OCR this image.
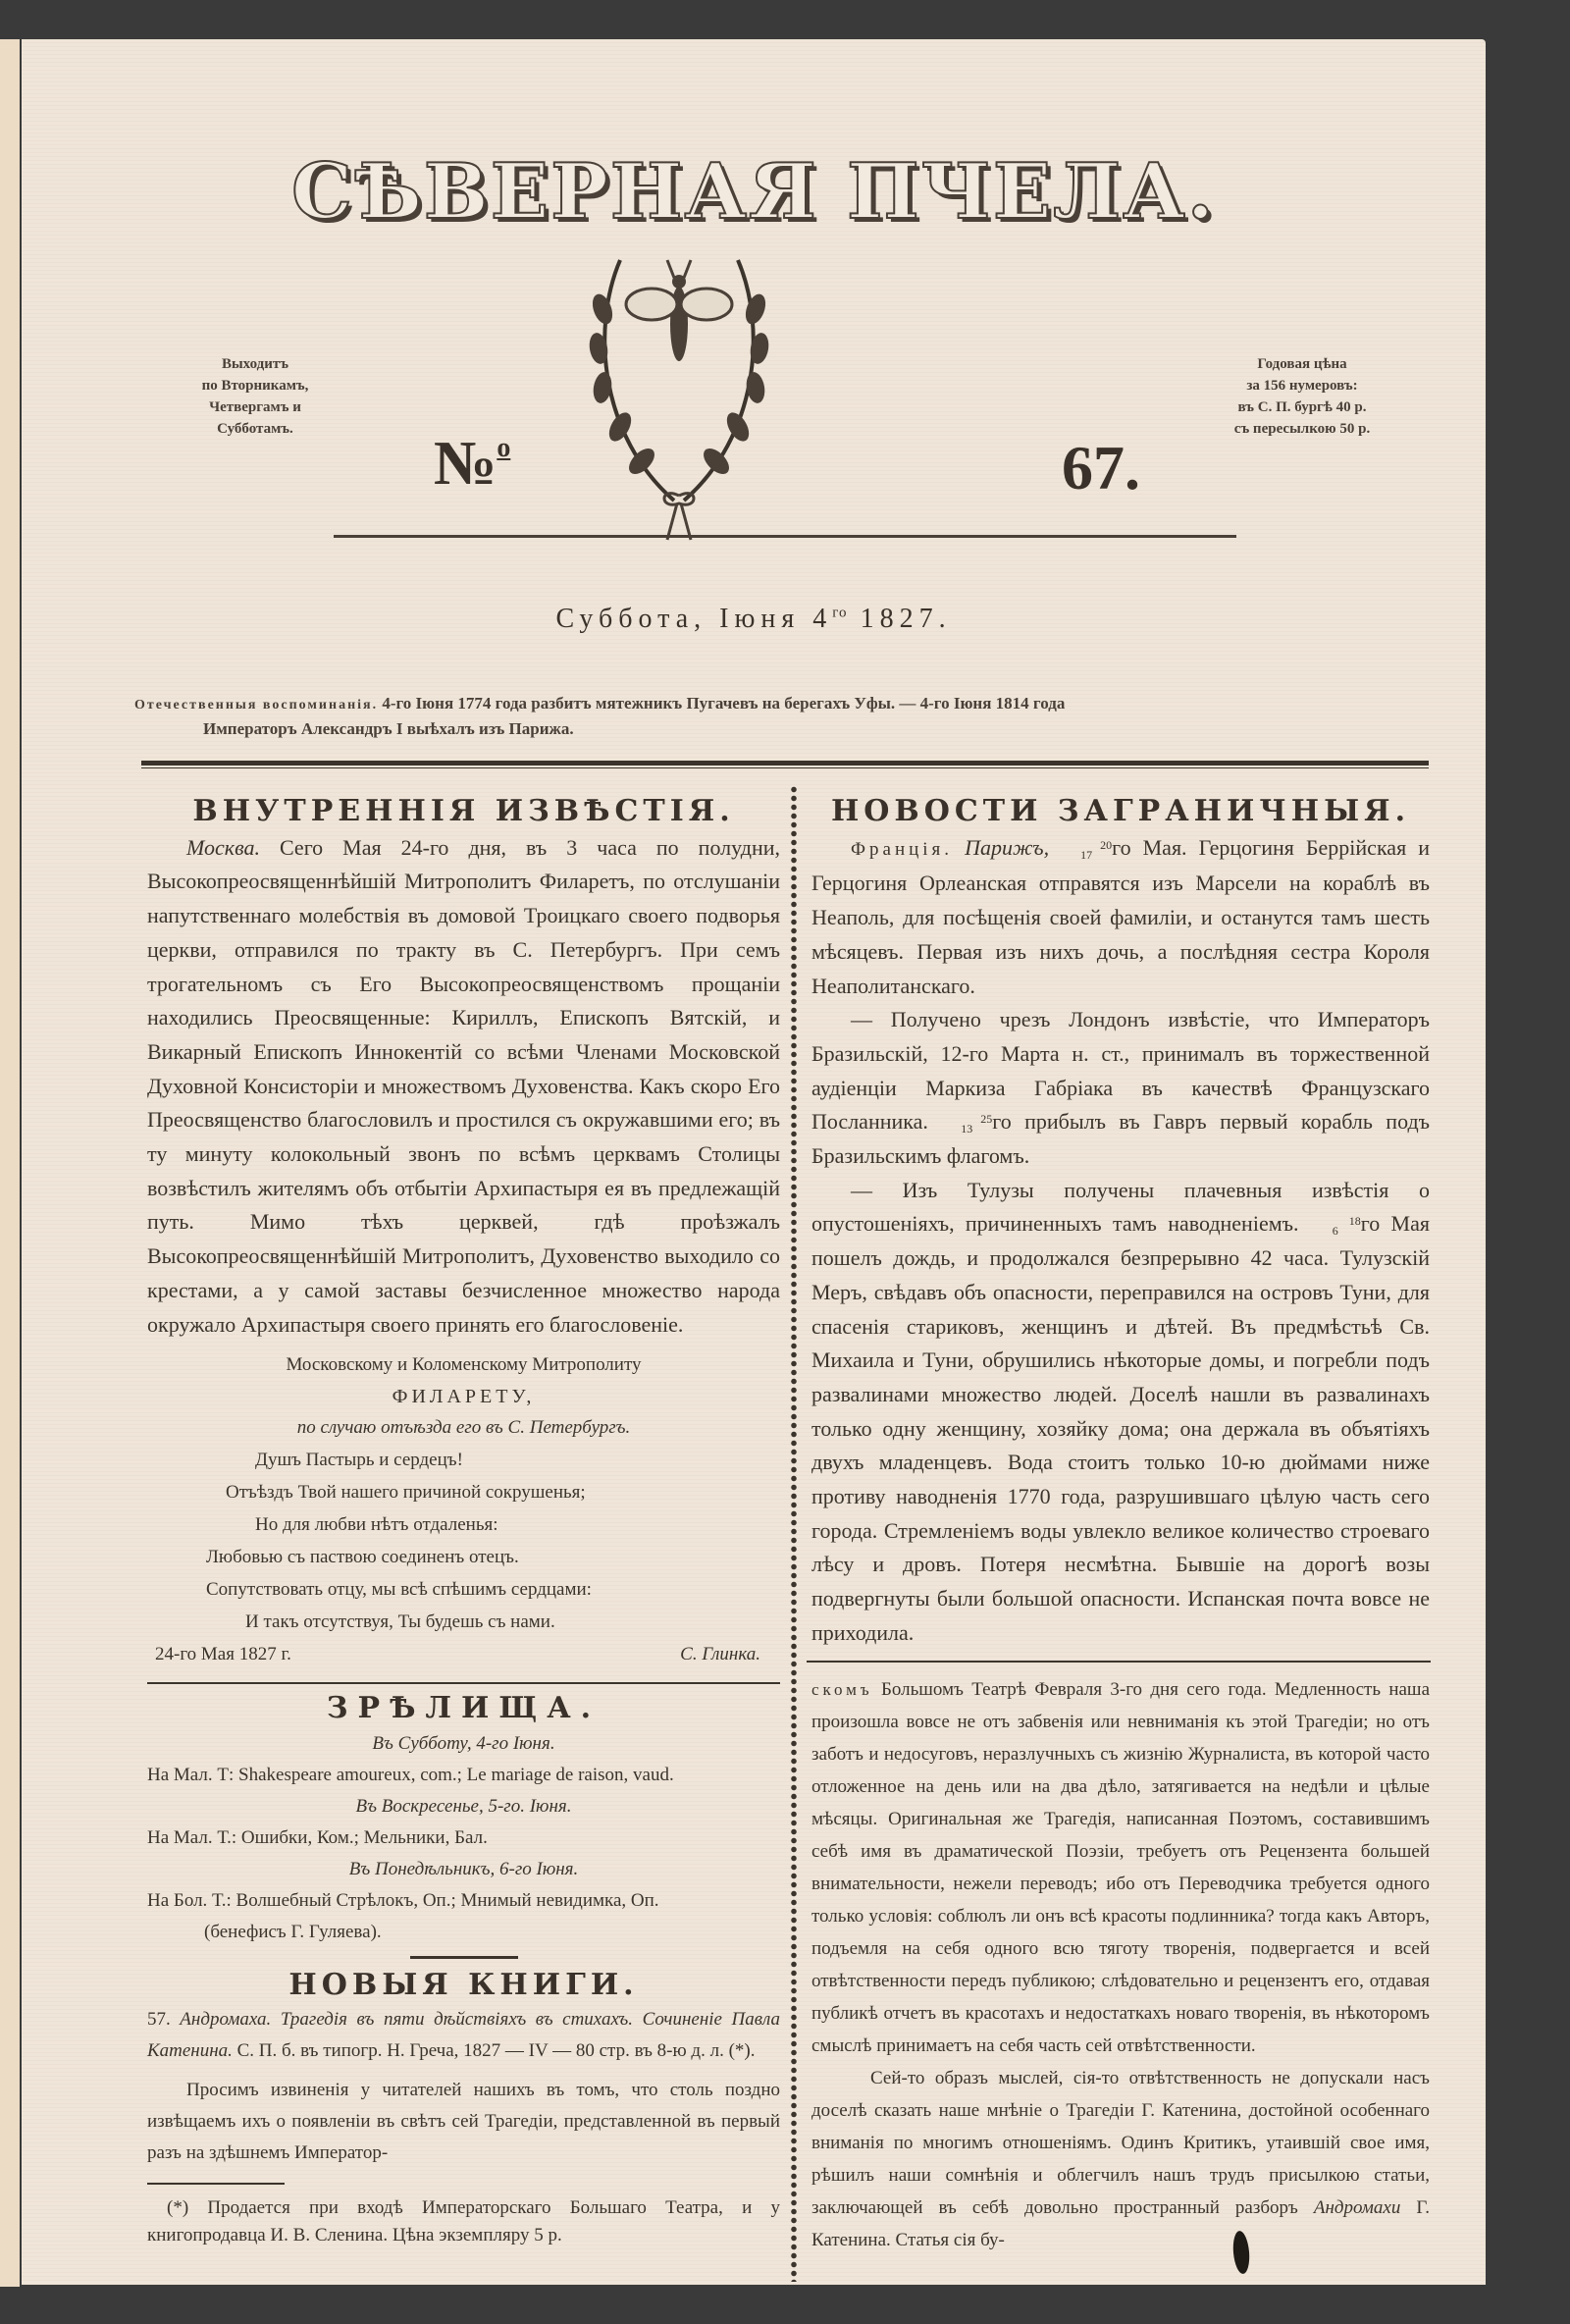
СѢВЕРНАЯ ПЧЕЛА.
Выходитъ
по Вторникамъ,
Четвергамъ и
Субботамъ.	№$^о$	67.
Годовая цѣна
за 156 нумеровъ:
въ С. П. бургѣ 40 р.
съ пересылкою 50 р.
Суббота, Іюня $4^{го}$ 1827.
Отечественныя воспоминанія. 4-го Іюня 1774 года разбитъ мятежникъ Пугачевъ на берегахъ Уфы. — 4-го Іюня 1814 года
Императоръ Александръ I выѣхалъ изъ Парижа.
ВНУТРЕННІЯ ИЗВѢСТІЯ.

Москва. Сего Мая 24-го дня, въ 3 часа по полудни, Высокопреосвященнѣйшій Митрополитъ Филаретъ, по отслушаніи напутственнаго молебствія въ домовой Троицкаго своего подворья церкви, отправился по тракту въ С. Петербургъ. При семъ трогательномъ съ Его Высокопреосвященствомъ прощаніи находились Преосвященные: Кириллъ, Епископъ Вятскій, и Викарный Епископъ Иннокентій со всѣми Членами Московской Духовной Консисторіи и множествомъ Духовенства. Какъ скоро Его Преосвященство благословилъ и простился съ окружавшими его; въ ту минуту колокольный звонъ по всѣмъ церквамъ Столицы возвѣстилъ жителямъ объ отбытіи Архипастыря ея въ предлежащій путь. Мимо тѣхъ церквей, гдѣ проѣзжалъ Высокопреосвященнѣйшій Митрополитъ, Духовенство выходило со крестами, а у самой заставы безчисленное множество народа окружало Архипастыря своего принять его благословеніе.

Московскому и Коломенскому Митрополиту
ФИЛАРЕТУ,
по случаю отъѣзда его въ С. Петербургъ.
Душъ Пастырь и сердецъ!
Отъѣздъ Твой нашего причиной сокрушенья;
Но для любви нѣтъ отдаленья:
Любовью съ паствою соединенъ отецъ.
Сопутствовать отцу, мы всѣ спѣшимъ сердцами:
И такъ отсутствуя, Ты будешь съ нами.
24-го Мая 1827 г.	С. Глинка.
ЗРѢЛИЩА.
Въ Субботу, 4-го Іюня.
На Мал. Т: Shakespeare amoureux, com.; Le mariage de raison, vaud.
Въ Воскресенье, 5-го. Іюня.
На Мал. Т.: Ошибки, Ком.; Мельники, Бал.
Въ Понедѣльникъ, 6-го Іюня.
На Бол. Т.: Волшебный Стрѣлокъ, Оп.; Мнимый невидимка, Оп.
(бенефисъ Г. Гуляева).
НОВЫЯ КНИГИ.
57. Андромаха. Трагедія въ пяти дѣйствіяхъ въ стихахъ. Сочиненіе Павла Катенина. С. П. б. въ типогр. Н. Греча, 1827 — IV — 80 стр. въ 8-ю д. л. (*).

Просимъ извиненія у читателей нашихъ въ томъ, что столь поздно извѣщаемъ ихъ о появленіи въ свѣтъ сей Трагедіи, представленной въ первый разъ на здѣшнемъ Император-

(*) Продается при входѣ Императорскаго Большаго Театра, и у книгопродавца И. В. Сленина. Цѣна экземпляру 5 р.

НОВОСТИ ЗАГРАНИЧНЫЯ.

Франція. Парижъ,	20
17 го Мая. Герцогиня Беррійская и Герцогиня Орлеанская отправятся изъ Марсели на кораблѣ въ Неаполь, для посѣщенія своей фамиліи, и останутся тамъ шесть мѣсяцевъ. Первая изъ нихъ дочь, а послѣдняя сестра Короля Неаполитанскаго.

— Получено чрезъ Лондонъ извѣстіе, что Императоръ Бразильскій, 12-го Марта н. ст., принималъ въ торжественной аудіенціи Маркиза Габріака въ качествѣ Французскаго Посланника.	25
13 го прибылъ въ Гавръ первый корабль подъ Бразильскимъ флагомъ.

— Изъ Тулузы получены плачевныя извѣстія о опустошеніяхъ, причиненныхъ тамъ наводненіемъ.	18
6 го Мая пошелъ дождь, и продолжался безпрерывно 42 часа. Тулузскій Меръ, свѣдавъ объ опасности, переправился на островъ Туни, для спасенія стариковъ, женщинъ и дѣтей. Въ предмѣстьѣ Св. Михаила и Туни, обрушились нѣкоторые домы, и погребли подъ развалинами множество людей. Доселѣ нашли въ развалинахъ только одну женщину, хозяйку дома; она держала въ объятіяхъ двухъ младенцевъ. Вода стоитъ только 10-ю дюймами ниже противу наводненія 1770 года, разрушившаго цѣлую часть сего города. Стремленіемъ воды увлекло великое количество строеваго лѣсу и дровъ. Потеря несмѣтна. Бывшіе на дорогѣ возы подвергнуты были большой опасности. Испанская почта вовсе не приходила.

скомъ Большомъ Театрѣ Февраля 3-го дня сего года. Медленность наша произошла вовсе не отъ забвенія или невниманія къ этой Трагедіи; но отъ заботъ и недосуговъ, неразлучныхъ съ жизнію Журналиста, въ которой часто отложенное на день или на два дѣло, затягивается на недѣли и цѣлые мѣсяцы. Оригинальная же Трагедія, написанная Поэтомъ, составившимъ себѣ имя въ драматической Поэзіи, требуетъ отъ Рецензента большей внимательности, нежели переводъ; ибо отъ Переводчика требуется одного только условія: соблюлъ ли онъ всѣ красоты подлинника? тогда какъ Авторъ, подъемля на себя одного всю тяготу творенія, подвергается и всей отвѣтственности передъ публикою; слѣдовательно и рецензентъ его, отдавая публикѣ отчетъ въ красотахъ и недостаткахъ новаго творенія, въ нѣкоторомъ смыслѣ принимаетъ на себя часть сей отвѣтственности.

Сей-то образъ мыслей, сія-то отвѣтственность не допускали насъ доселѣ сказать наше мнѣніе о Трагедіи Г. Катенина, достойной особеннаго вниманія по многимъ отношеніямъ. Одинъ Критикъ, утаившій свое имя, рѣшилъ наши сомнѣнія и облегчилъ нашъ трудъ присылкою статьи, заключающей въ себѣ довольно пространный разборъ Андромахи Г. Катенина. Статья сія бу-
